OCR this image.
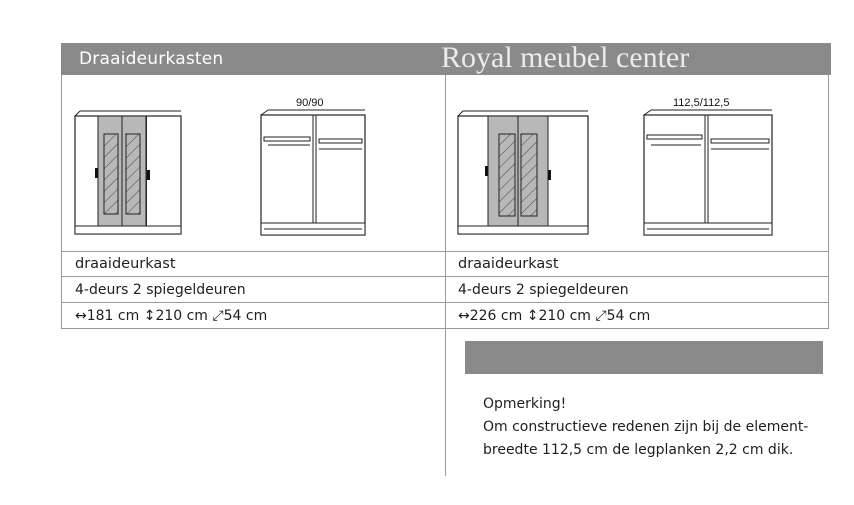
Draaideurkasten	Royal meubel center
90/90	112,5/112,5
draaideurkast
4-deurs 2 spiegeldeuren
↔181 cm ↕210 cm ⤢54 cm
draaideurkast
4-deurs 2 spiegeldeuren
↔226 cm ↕210 cm ⤢54 cm
Opmerking!
Om constructieve redenen zijn bij de element-
breedte 112,5 cm de legplanken 2,2 cm dik.
